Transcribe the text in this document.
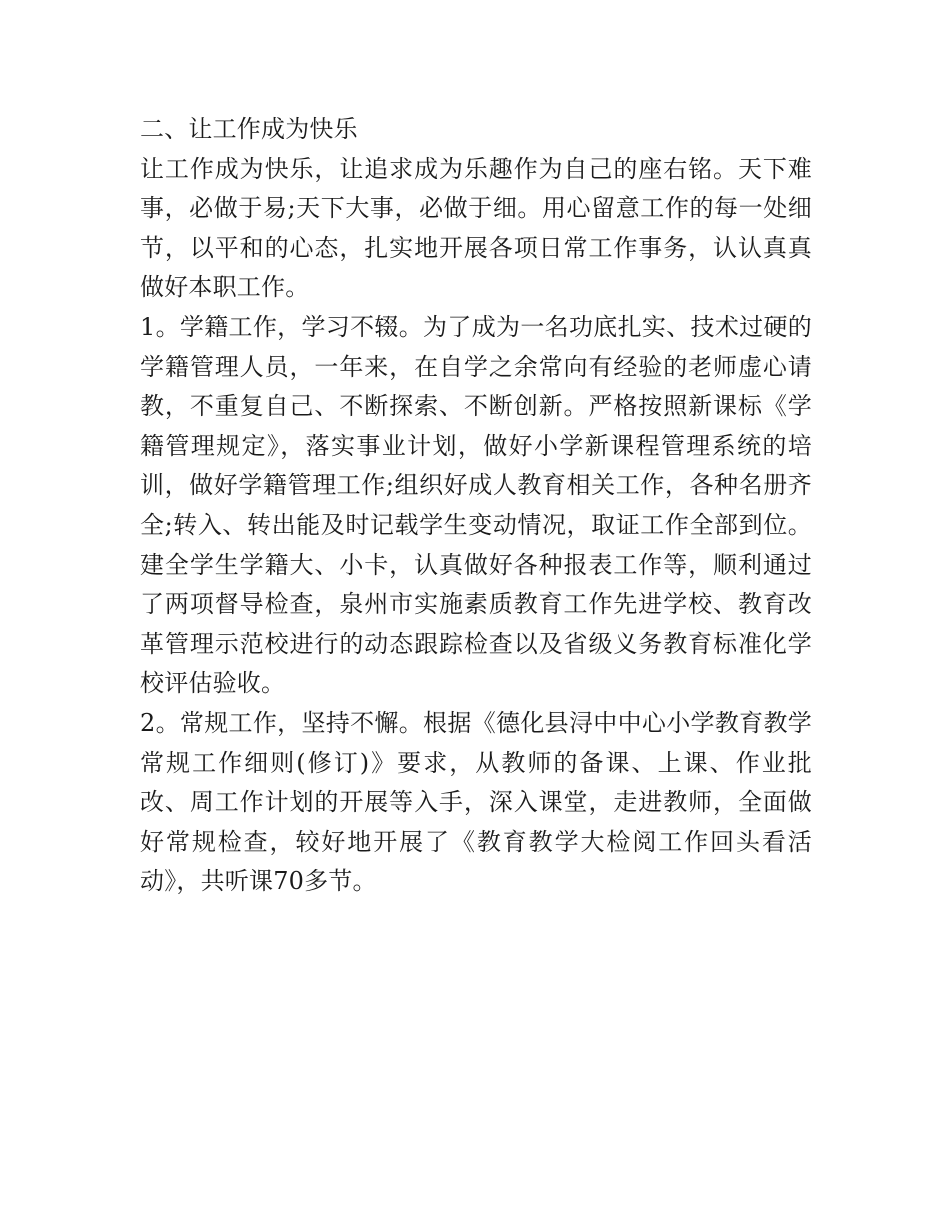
二、让工作成为快乐

让工作成为快乐，让追求成为乐趣作为自己的座右铭。天下难事，必做于易;天下大事，必做于细。用心留意工作的每一处细节，以平和的心态，扎实地开展各项日常工作事务，认认真真做好本职工作。

1。学籍工作，学习不辍。为了成为一名功底扎实、技术过硬的学籍管理人员，一年来，在自学之余常向有经验的老师虚心请教，不重复自己、不断探索、不断创新。严格按照新课标《学籍管理规定》，落实事业计划，做好小学新课程管理系统的培训，做好学籍管理工作;组织好成人教育相关工作，各种名册齐全;转入、转出能及时记载学生变动情况，取证工作全部到位。建全学生学籍大、小卡，认真做好各种报表工作等，顺利通过了两项督导检查，泉州市实施素质教育工作先进学校、教育改革管理示范校进行的动态跟踪检查以及省级义务教育标准化学校评估验收。

2。常规工作，坚持不懈。根据《德化县浔中中心小学教育教学常规工作细则(修订)》要求，从教师的备课、上课、作业批改、周工作计划的开展等入手，深入课堂，走进教师，全面做好常规检查，较好地开展了《教育教学大检阅工作回头看活动》，共听课70多节。
